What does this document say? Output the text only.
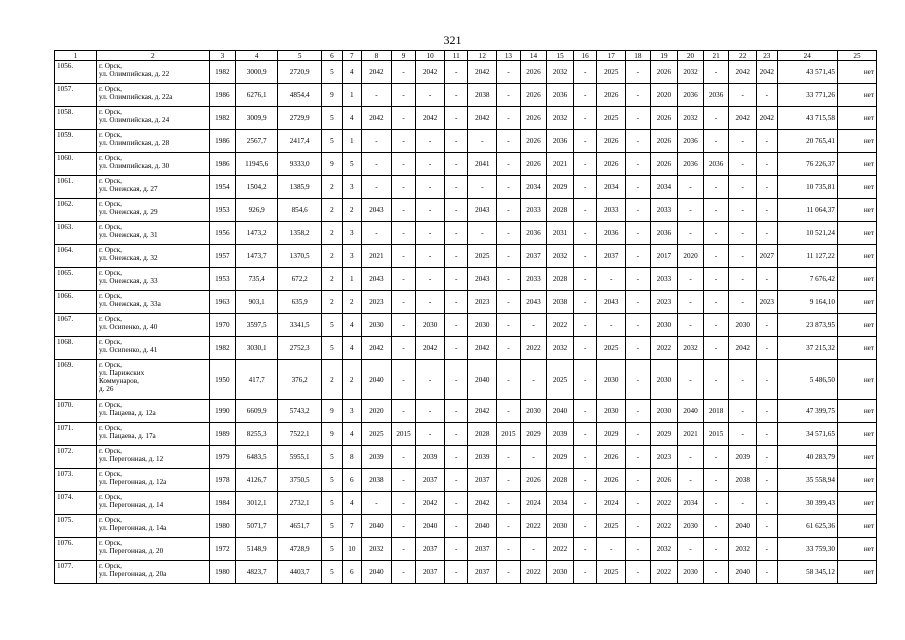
321
1	2	3	4	5	6	7	8	9	10	11	12	13	14	15	16	17	18	19	20	21	22	23	24	25
1056.	г. Орск,
ул. Олимпийская, д. 22	1982	3000,9	2720,9	5	4	2042	-	2042	-	2042	-	2026	2032	-	2025	-	2026	2032	-	2042	2042	43 571,45	нет
1057.	г. Орск,
ул. Олимпийская, д. 22а	1986	6276,1	4854,4	9	1	-	-	-	-	2038	-	2026	2036	-	2026	-	2020	2036	2036	-	-	33 771,26	нет
1058.	г. Орск,
ул. Олимпийская, д. 24	1982	3009,9	2729,9	5	4	2042	-	2042	-	2042	-	2026	2032	-	2025	-	2026	2032	-	2042	2042	43 715,58	нет
1059.	г. Орск,
ул. Олимпийская, д. 28	1986	2567,7	2417,4	5	1	-	-	-	-	-	-	2026	2036	-	2026	-	2026	2036	-	-	-	20 765,41	нет
1060.	г. Орск,
ул. Олимпийская, д. 30	1986	11945,6	9333,0	9	5	-	-	-	-	2041	-	2026	2021	-	2026	-	2026	2036	2036	-	-	76 226,37	нет
1061.	г. Орск,
ул. Онежская, д. 27	1954	1504,2	1385,9	2	3	-	-	-	-	-	-	2034	2029	-	2034	-	2034	-	-	-	-	10 735,81	нет
1062.	г. Орск,
ул. Онежская, д. 29	1953	926,9	854,6	2	2	2043	-	-	-	2043	-	2033	2028	-	2033	-	2033	-	-	-	-	11 064,37	нет
1063.	г. Орск,
ул. Онежская, д. 31	1956	1473,2	1358,2	2	3	-	-	-	-	-	-	2036	2031	-	2036	-	2036	-	-	-	-	10 521,24	нет
1064.	г. Орск,
ул. Онежская, д. 32	1957	1473,7	1370,5	2	3	2021	-	-	-	2025	-	2037	2032	-	2037	-	2017	2020	-	-	2027	11 127,22	нет
1065.	г. Орск,
ул. Онежская, д. 33	1953	735,4	672,2	2	1	2043	-	-	-	2043	-	2033	2028	-	-	-	2033	-	-	-	-	7 676,42	нет
1066.	г. Орск,
ул. Онежская, д. 33а	1963	903,1	635,9	2	2	2023	-	-	-	2023	-	2043	2038	-	2043	-	2023	-	-	-	2023	9 164,10	нет
1067.	г. Орск,
ул. Осипенко, д. 40	1970	3597,5	3341,5	5	4	2030	-	2030	-	2030	-	-	2022	-	-	-	2030	-	-	2030	-	23 873,95	нет
1068.	г. Орск,
ул. Осипенко, д. 41	1982	3030,1	2752,3	5	4	2042	-	2042	-	2042	-	2022	2032	-	2025	-	2022	2032	-	2042	-	37 215,32	нет
1069.	г. Орск,
ул. Парижских
Коммунаров,
д. 26	1950	417,7	376,2	2	2	2040	-	-	-	2040	-	-	2025	-	2030	-	2030	-	-	-	-	5 486,50	нет
1070.	г. Орск,
ул. Пацаева, д. 12а	1990	6609,9	5743,2	9	3	2020	-	-	-	2042	-	2030	2040	-	2030	-	2030	2040	2018	-	-	47 399,75	нет
1071.	г. Орск,
ул. Пацаева, д. 17а	1989	8255,3	7522,1	9	4	2025	2015	-	-	2028	2015	2029	2039	-	2029	-	2029	2021	2015	-	-	34 571,65	нет
1072.	г. Орск,
ул. Перегонная, д. 12	1979	6483,5	5955,1	5	8	2039	-	2039	-	2039	-	-	2029	-	2026	-	2023	-	-	2039	-	40 283,79	нет
1073.	г. Орск,
ул. Перегонная, д. 12а	1978	4126,7	3750,5	5	6	2038	-	2037	-	2037	-	2026	2028	-	2026	-	2026	-	-	2038	-	35 558,94	нет
1074.	г. Орск,
ул. Перегонная, д. 14	1984	3012,1	2732,1	5	4	-	-	2042	-	2042	-	2024	2034	-	2024	-	2022	2034	-	-	-	30 399,43	нет
1075.	г. Орск,
ул. Перегонная, д. 14а	1980	5071,7	4651,7	5	7	2040	-	2040	-	2040	-	2022	2030	-	2025	-	2022	2030	-	2040	-	61 625,36	нет
1076.	г. Орск,
ул. Перегонная, д. 20	1972	5148,9	4728,9	5	10	2032	-	2037	-	2037	-	-	2022	-	-	-	2032	-	-	2032	-	33 759,30	нет
1077.	г. Орск,
ул. Перегонная, д. 20а	1980	4823,7	4403,7	5	6	2040	-	2037	-	2037	-	2022	2030	-	2025	-	2022	2030	-	2040	-	58 345,12	нет
